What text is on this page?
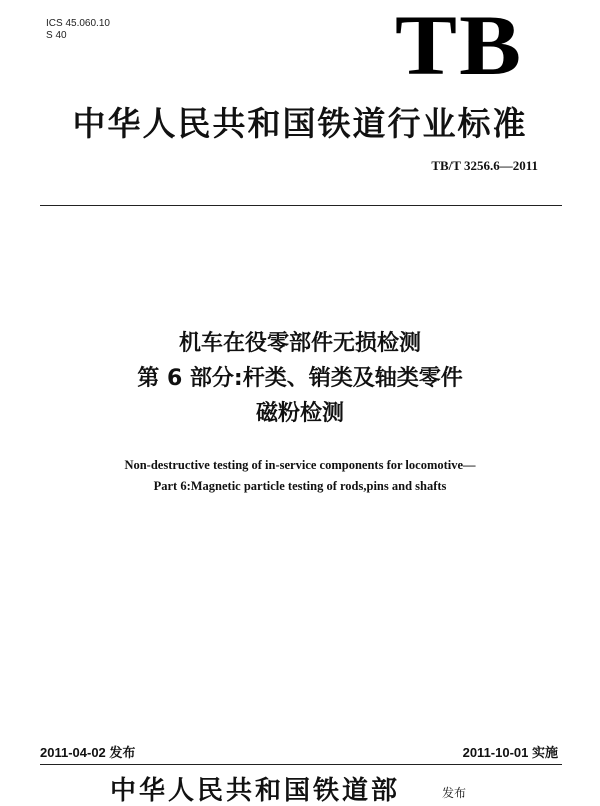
ICS 45.060.10
S 40	TB
中华人民共和国铁道行业标准
TB/T 3256.6—2011
机车在役零部件无损检测
第 6 部分:杆类、销类及轴类零件
磁粉检测
Non-destructive testing of in-service components for locomotive—
Part 6:Magnetic particle testing of rods,pins and shafts
2011-04-02 发布	2011-10-01 实施
中华人民共和国铁道部	发布
